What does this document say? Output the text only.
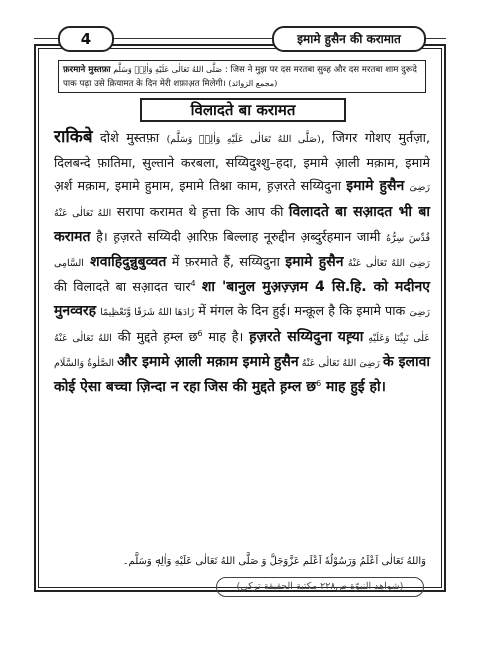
4	इमामे हुसैन की करामात
फ़रमाने मुस्तफ़ा صَلَّى اللهُ تَعَالٰى عَلَيْهِ وَاٰلِهٖ وَسَلَّم : जिस ने मुझ पर दस मरतबा सुब्ह और दस मरतबा शाम दुरूदे पाक पढ़ा उसे क़ियामत के दिन मेरी शफ़ाअ़त मिलेगी। (مجمع الزوائد)
विलादते बा करामत
राकिबे दोशे मुस्तफ़ा (صَلَّى اللهُ تَعَالٰى عَلَيْهِ وَاٰلِهٖ وَسَلَّم), जिगर गोशए मुर्तज़ा, दिलबन्दे फ़ातिमा, सुल्ताने करबला, सय्यिदुश्शु–हदा, इमामे आ़ली मक़ाम, इमामे अ़र्श मक़ाम, इमामे हुमाम, इमामे तिश्ना काम, ह़ज़रते सय्यिदुना इमामे हुसैन رَضِىَ اللهُ تَعَالٰى عَنْهُ सरापा करामत थे ह़त्ता कि आप की विलादते बा सआ़दत भी बा करामत है। ह़ज़रते सय्यिदी आ़रिफ़ बिल्लाह नूरुद्दीन अ़ब्दुर्रहमान जामी قُدِّسَ سِرُّهُ السَّامِى शवाहिदुन्नुबुव्वत में फ़रमाते हैं, सय्यिदुना इमामे हुसैन رَضِىَ اللهُ تَعَالٰى عَنْهُ की विलादते बा सआ़दत चार$^4$ शा 'बानुल मुअ़ज़्ज़म 4 सि.हि. को मदीनए मुनव्वरह زَادَهَا اللهُ شَرَفًا وَّتَعْظِيمًا में मंगल के दिन हुई। मन्क़ूल है कि इमामे पाक رَضِىَ اللهُ تَعَالٰى عَنْهُ की मुद्दते ह़म्ल छ$^6$ माह है। ह़ज़रते सय्यिदुना यह़्या عَلٰى نَبِيِّنَا وَعَلَيْهِ الصَّلٰوةُ وَالسَّلَام और इमामे आ़ली मक़ाम इमामे हुसैन رَضِىَ اللهُ تَعَالٰى عَنْهُ के इलावा कोई ऐसा बच्चा ज़िन्दा न रहा जिस की मुद्दते ह़म्ल छ$^6$ माह हुई हो।
وَاللهُ تَعَالٰى اَعْلَمُ وَرَسُوْلُهٗ اَعْلَم عَزَّوَجَلَّ وَ صَلَّى اللهُ تَعَالٰى عَلَيْهِ وَاٰلِهٖ وَسَلَّم۔
(شواهد النبوّة ص۲۲۸ مكتبة الحقيقة تركي)
